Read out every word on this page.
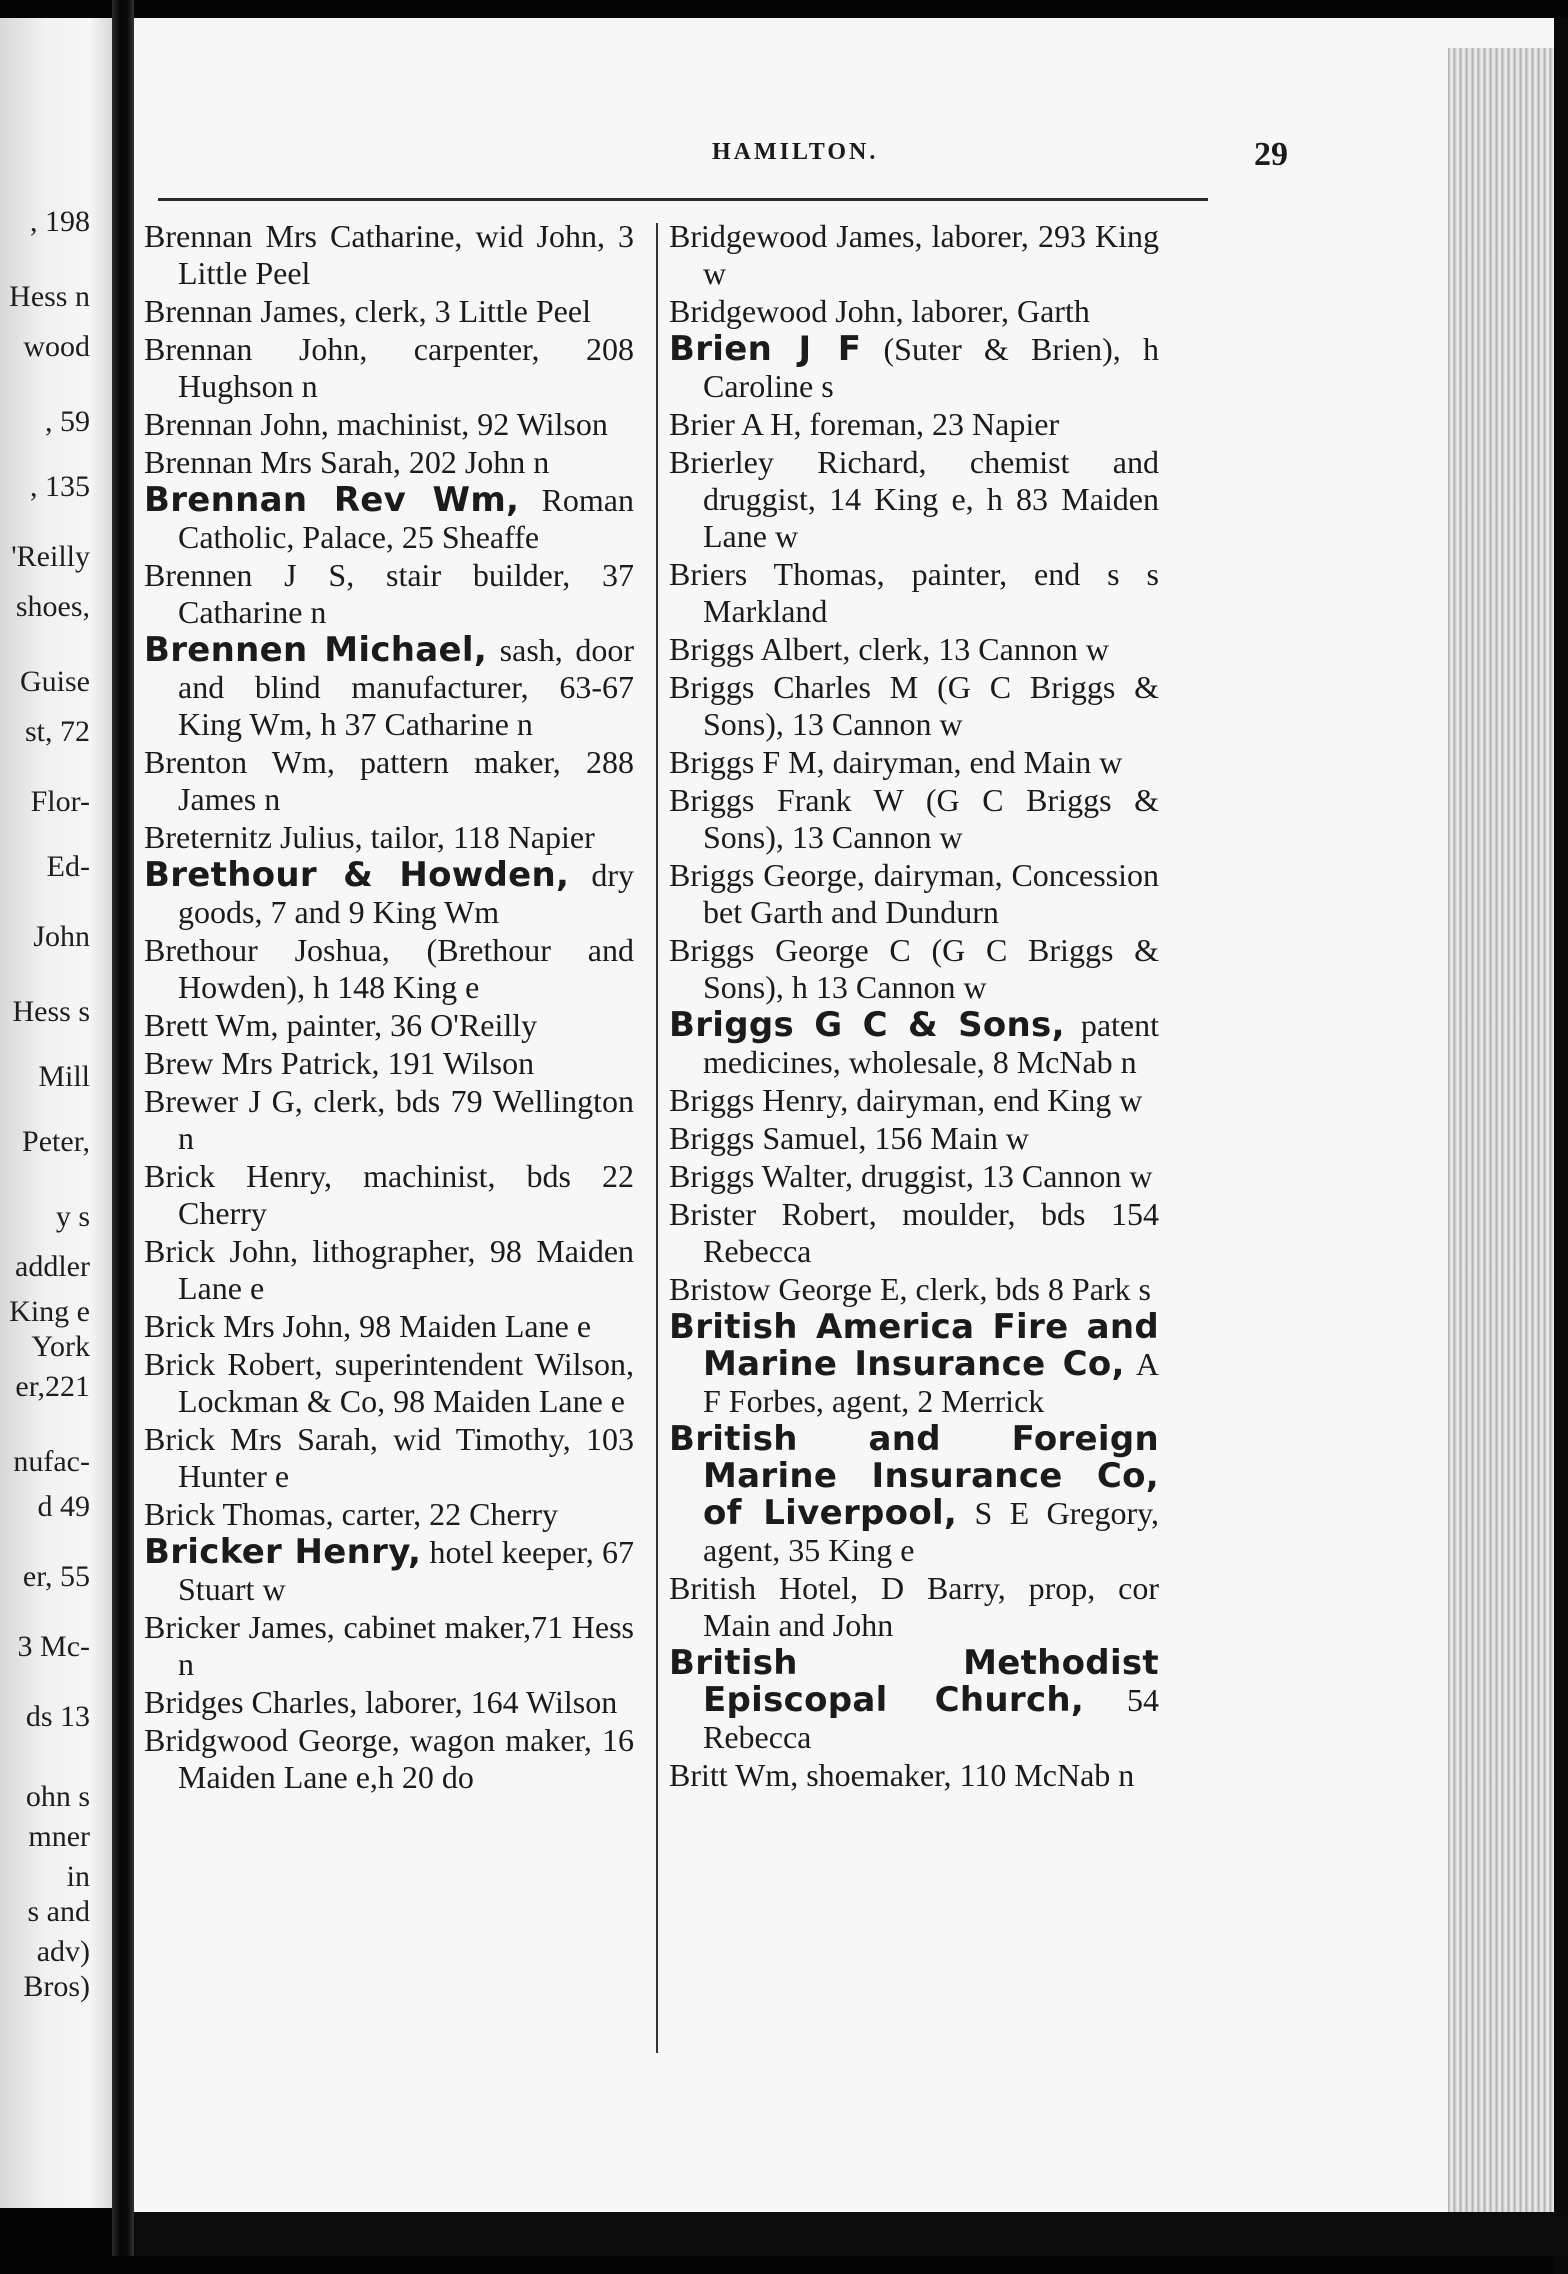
, 198
Hess n
wood
, 59
, 135
'Reilly
shoes,
Guise
st, 72
Flor-
Ed-
John
Hess s
Mill
Peter,
y s
addler
King e
York
er,221
nufac-
d 49
er, 55
3 Mc-
ds 13
ohn s
mner
in
s and
adv)
Bros)
HAMILTON.	29
Brennan Mrs Catharine, wid John, 3 Little Peel
Brennan James, clerk, 3 Little Peel
Brennan John, carpenter, 208 Hughson n
Brennan John, machinist, 92 Wilson
Brennan Mrs Sarah, 202 John n
Brennan Rev Wm, Roman Catholic, Palace, 25 Sheaffe
Brennen J S, stair builder, 37 Catharine n
Brennen Michael, sash, door and blind manufacturer, 63-67 King Wm, h 37 Catharine n
Brenton Wm, pattern maker, 288 James n
Breternitz Julius, tailor, 118 Napier
Brethour & Howden, dry goods, 7 and 9 King Wm
Brethour Joshua, (Brethour and Howden), h 148 King e
Brett Wm, painter, 36 O'Reilly
Brew Mrs Patrick, 191 Wilson
Brewer J G, clerk, bds 79 Wellington n
Brick Henry, machinist, bds 22 Cherry
Brick John, lithographer, 98 Maiden Lane e
Brick Mrs John, 98 Maiden Lane e
Brick Robert, superintendent Wilson, Lockman & Co, 98 Maiden Lane e
Brick Mrs Sarah, wid Timothy, 103 Hunter e
Brick Thomas, carter, 22 Cherry
Bricker Henry, hotel keeper, 67 Stuart w
Bricker James, cabinet maker,71 Hess n
Bridges Charles, laborer, 164 Wilson
Bridgwood George, wagon maker, 16 Maiden Lane e,h 20 do
Bridgewood James, laborer, 293 King w
Bridgewood John, laborer, Garth
Brien J F (Suter & Brien), h Caroline s
Brier A H, foreman, 23 Napier
Brierley Richard, chemist and druggist, 14 King e, h 83 Maiden Lane w
Briers Thomas, painter, end s s Markland
Briggs Albert, clerk, 13 Cannon w
Briggs Charles M (G C Briggs & Sons), 13 Cannon w
Briggs F M, dairyman, end Main w
Briggs Frank W (G C Briggs & Sons), 13 Cannon w
Briggs George, dairyman, Concession bet Garth and Dundurn
Briggs George C (G C Briggs & Sons), h 13 Cannon w
Briggs G C & Sons, patent medicines, wholesale, 8 McNab n
Briggs Henry, dairyman, end King w
Briggs Samuel, 156 Main w
Briggs Walter, druggist, 13 Cannon w
Brister Robert, moulder, bds 154 Rebecca
Bristow George E, clerk, bds 8 Park s
British America Fire and Marine Insurance Co, A F Forbes, agent, 2 Merrick
British and Foreign Marine Insurance Co, of Liverpool, S E Gregory, agent, 35 King e
British Hotel, D Barry, prop, cor Main and John
British Methodist Episcopal Church, 54 Rebecca
Britt Wm, shoemaker, 110 McNab n
